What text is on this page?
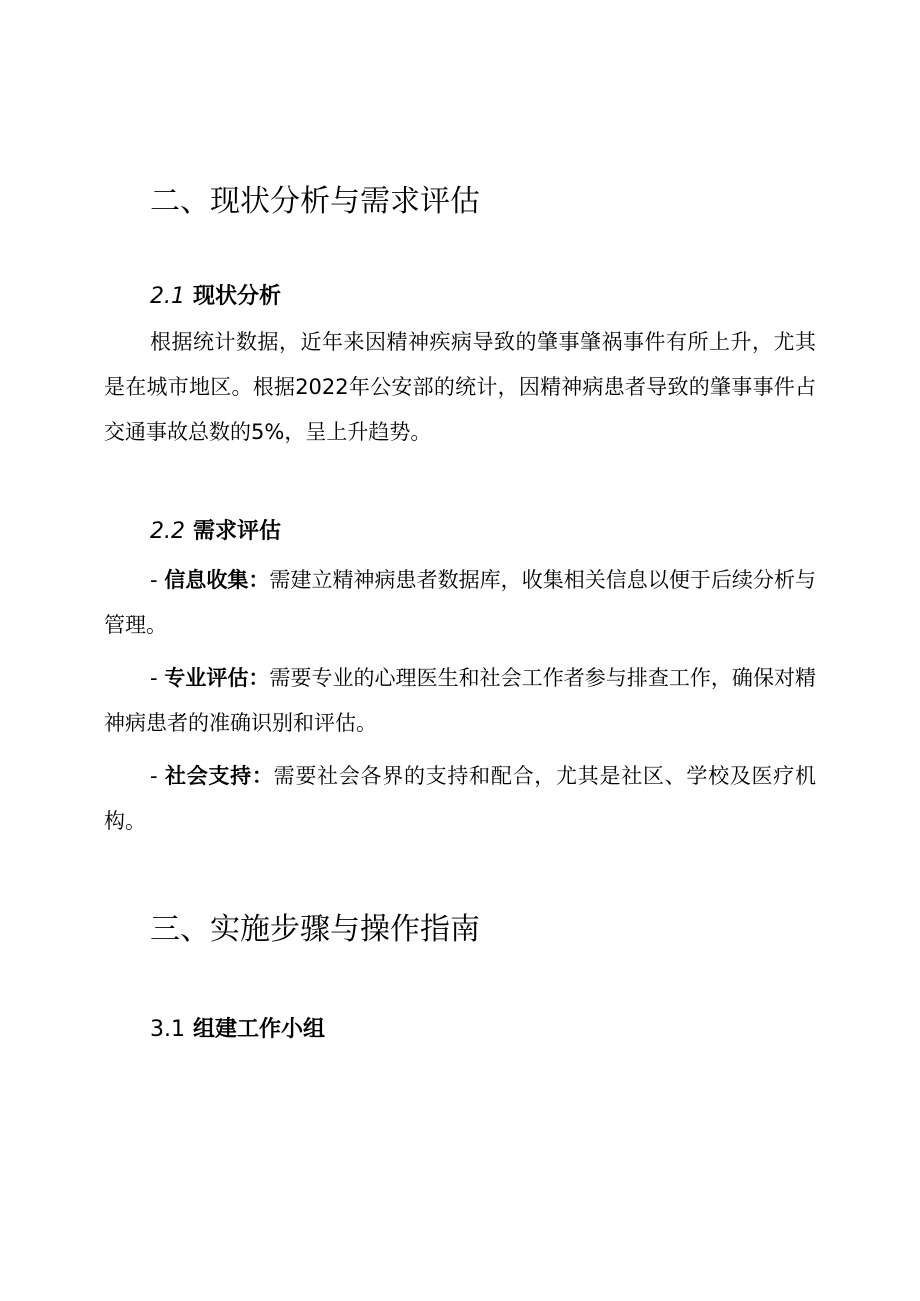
二、现状分析与需求评估
2.1 现状分析

根据统计数据，近年来因精神疾病导致的肇事肇祸事件有所上升，尤其是在城市地区。根据2022年公安部的统计，因精神病患者导致的肇事事件占交通事故总数的5%，呈上升趋势。

2.2 需求评估

- 信息收集：需建立精神病患者数据库，收集相关信息以便于后续分析与管理。

- 专业评估：需要专业的心理医生和社会工作者参与排查工作，确保对精神病患者的准确识别和评估。

- 社会支持：需要社会各界的支持和配合，尤其是社区、学校及医疗机构。

三、实施步骤与操作指南
3.1 组建工作小组
